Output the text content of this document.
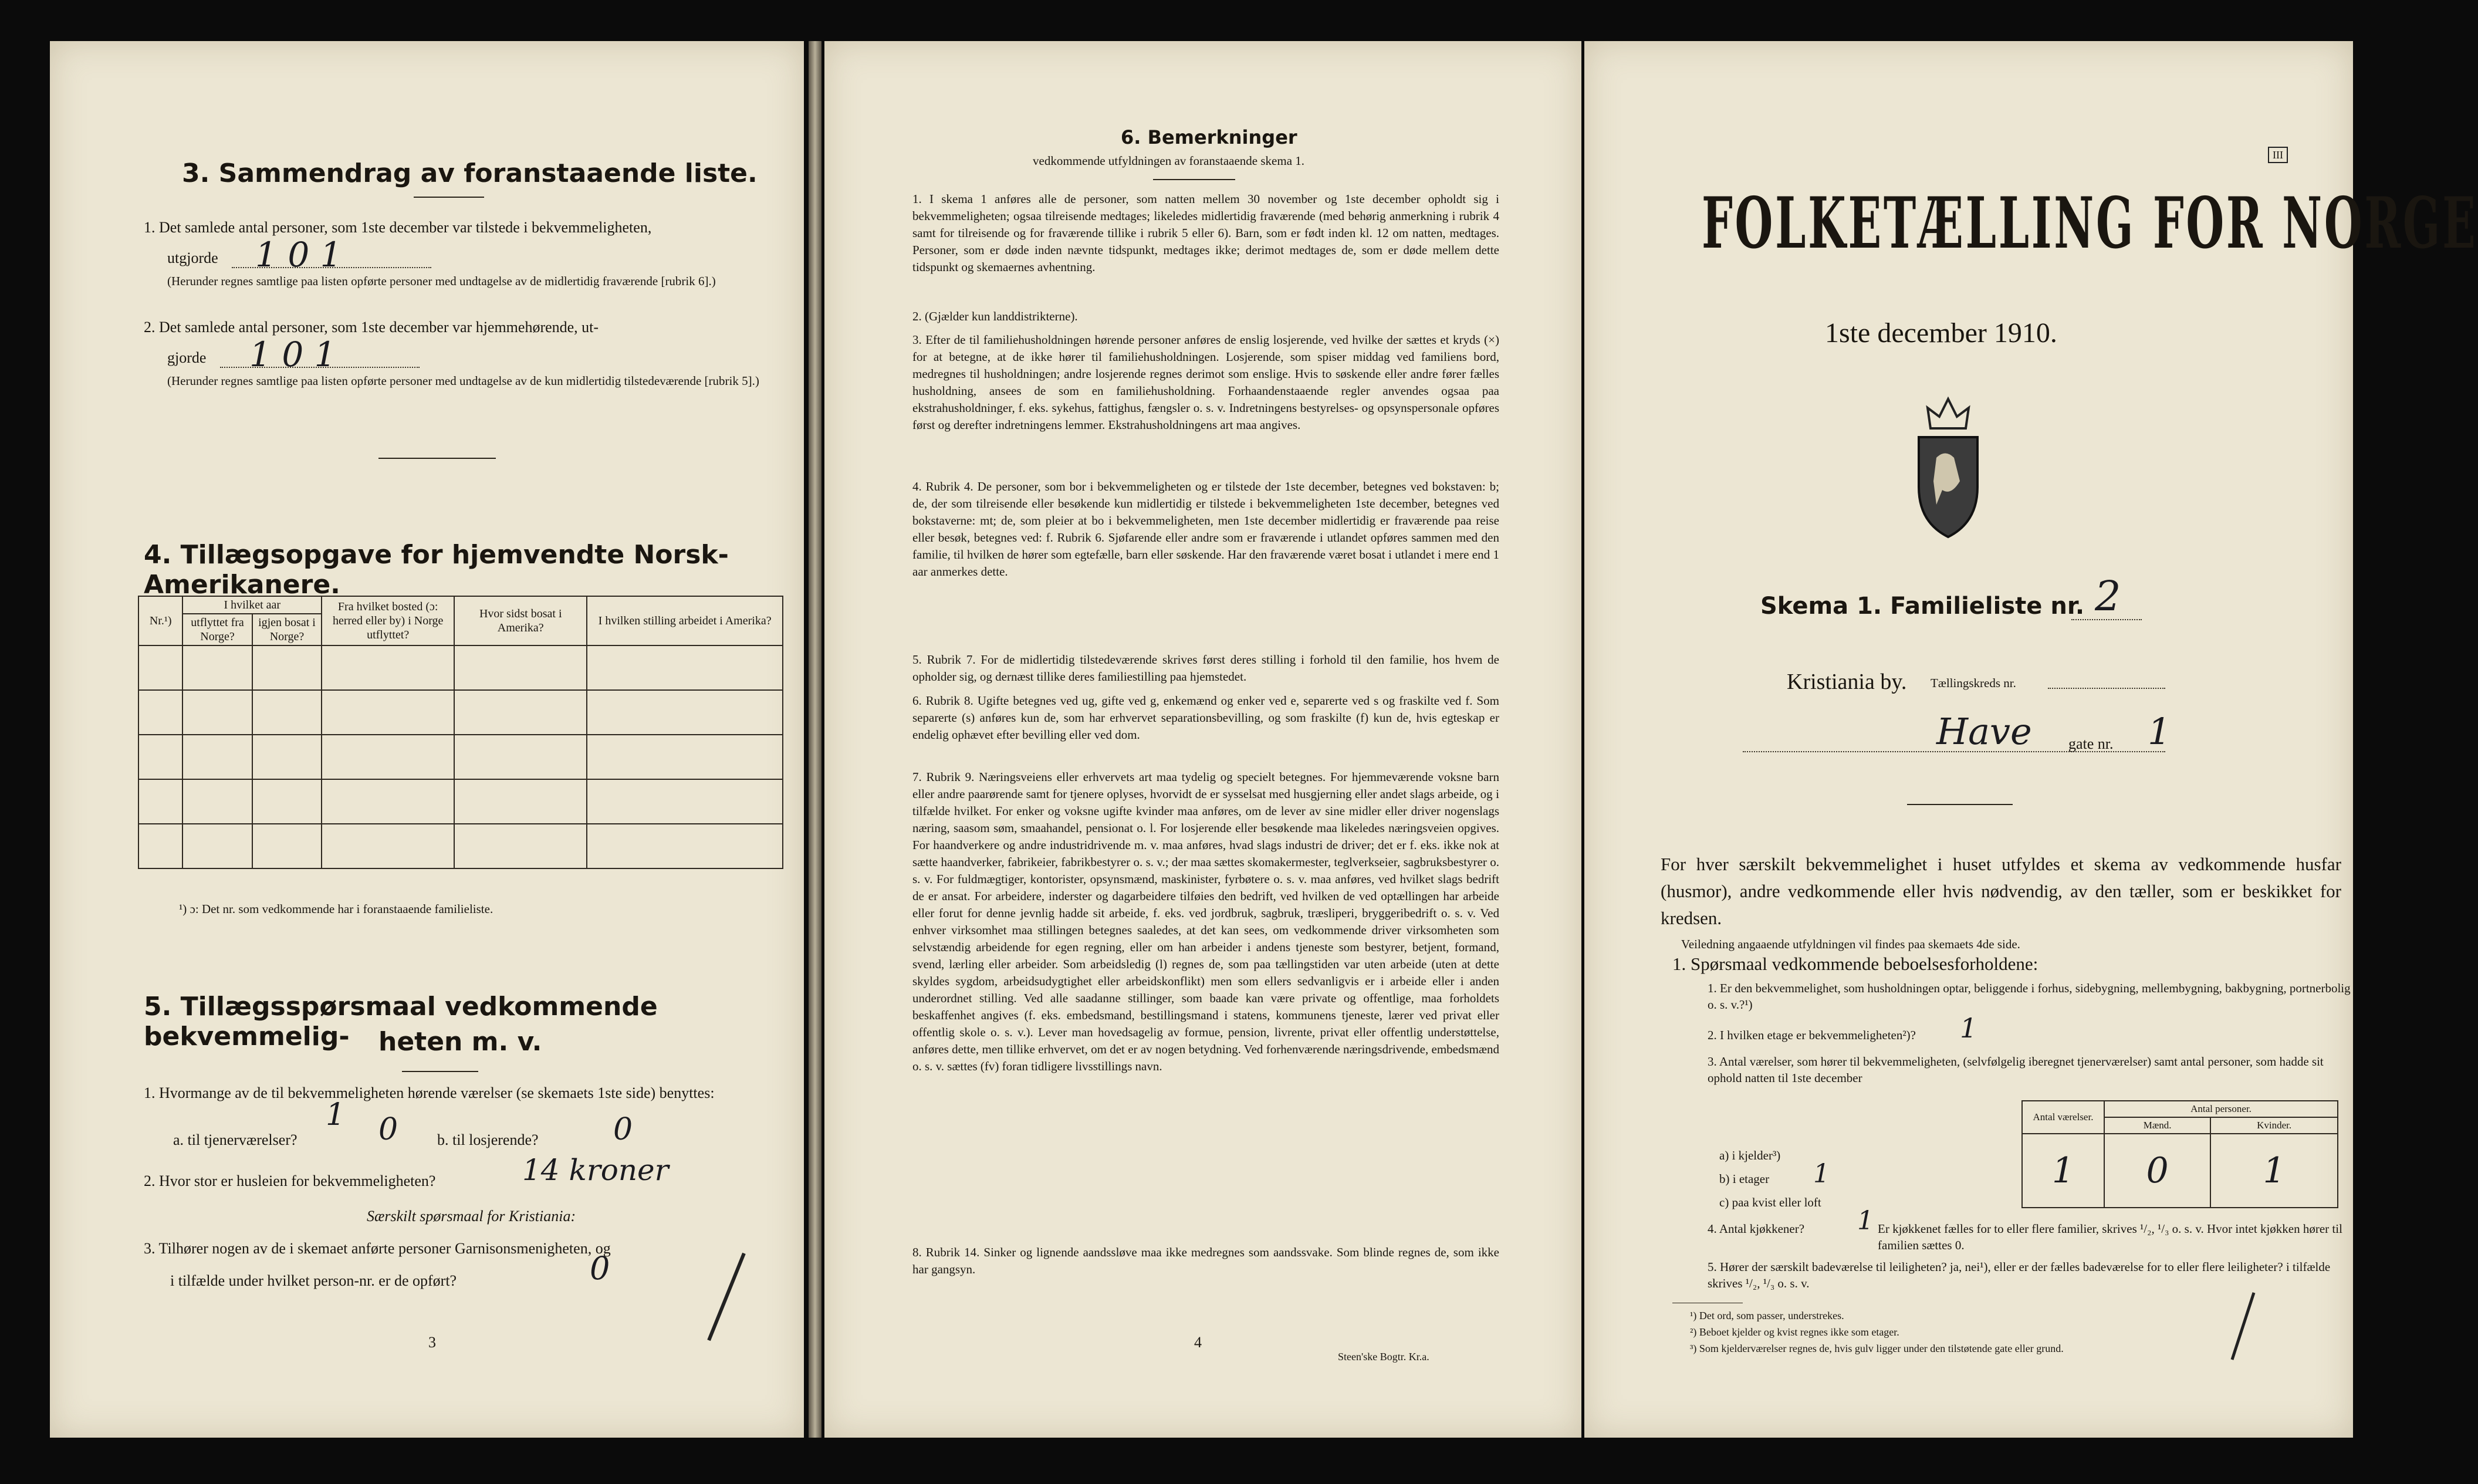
3. Sammendrag av foranstaaende liste.
1. Det samlede antal personer, som 1ste december var tilstede i bekvemmeligheten,
utgjorde 1 0 1
(Herunder regnes samtlige paa listen opførte personer med undtagelse av de midlertidig fraværende [rubrik 6].)
2. Det samlede antal personer, som 1ste december var hjemmehørende, ut-
gjorde 1 0 1
(Herunder regnes samtlige paa listen opførte personer med undtagelse av de kun midlertidig tilstedeværende [rubrik 5].)
4. Tillægsopgave for hjemvendte Norsk-Amerikanere.
Nr.¹)	I hvilket aar		Fra hvilket bosted (ɔ: herred eller by) i Norge utflyttet?	Hvor sidst bosat i Amerika?	I hvilken stilling arbeidet i Amerika?
	utflyttet fra Norge?	igjen bosat i Norge?			

¹) ɔ: Det nr. som vedkommende har i foranstaaende familieliste.
5. Tillægsspørsmaal vedkommende bekvemmelig-	heten m. v.
1. Hvormange av de til bekvemmeligheten hørende værelser (se skemaets 1ste side) benyttes:
1
a. til tjenerværelser?	0	b. til losjerende? 0
2. Hvor stor er husleien for bekvemmeligheten?	14 kroner
Særskilt spørsmaal for Kristiania:
3. Tilhører nogen av de i skemaet anførte personer Garnisonsmenigheten, og
i tilfælde under hvilket person-nr. er de opført?	0
3
6. Bemerkninger
vedkommende utfyldningen av foranstaaende skema 1.
1. I skema 1 anføres alle de personer, som natten mellem 30 november og 1ste december opholdt sig i bekvemmeligheten; ogsaa tilreisende medtages; likeledes midlertidig fraværende (med behørig anmerkning i rubrik 4 samt for tilreisende og for fraværende tillike i rubrik 5 eller 6). Barn, som er født inden kl. 12 om natten, medtages. Personer, som er døde inden nævnte tidspunkt, medtages ikke; derimot medtages de, som er døde mellem dette tidspunkt og skemaernes avhentning.
2. (Gjælder kun landdistrikterne).
3. Efter de til familiehusholdningen hørende personer anføres de enslig losjerende, ved hvilke der sættes et kryds (×) for at betegne, at de ikke hører til familiehusholdningen. Losjerende, som spiser middag ved familiens bord, medregnes til husholdningen; andre losjerende regnes derimot som enslige. Hvis to søskende eller andre fører fælles husholdning, ansees de som en familiehusholdning. Forhaandenstaaende regler anvendes ogsaa paa ekstrahusholdninger, f. eks. sykehus, fattighus, fængsler o. s. v. Indretningens bestyrelses- og opsynspersonale opføres først og derefter indretningens lemmer. Ekstrahusholdningens art maa angives.
4. Rubrik 4. De personer, som bor i bekvemmeligheten og er tilstede der 1ste december, betegnes ved bokstaven: b; de, der som tilreisende eller besøkende kun midlertidig er tilstede i bekvemmeligheten 1ste december, betegnes ved bokstaverne: mt; de, som pleier at bo i bekvemmeligheten, men 1ste december midlertidig er fraværende paa reise eller besøk, betegnes ved: f. Rubrik 6. Sjøfarende eller andre som er fraværende i utlandet opføres sammen med den familie, til hvilken de hører som egtefælle, barn eller søskende. Har den fraværende været bosat i utlandet i mere end 1 aar anmerkes dette.
5. Rubrik 7. For de midlertidig tilstedeværende skrives først deres stilling i forhold til den familie, hos hvem de opholder sig, og dernæst tillike deres familiestilling paa hjemstedet.
6. Rubrik 8. Ugifte betegnes ved ug, gifte ved g, enkemænd og enker ved e, separerte ved s og fraskilte ved f. Som separerte (s) anføres kun de, som har erhvervet separationsbevilling, og som fraskilte (f) kun de, hvis egteskap er endelig ophævet efter bevilling eller ved dom.
7. Rubrik 9. Næringsveiens eller erhvervets art maa tydelig og specielt betegnes. For hjemmeværende voksne barn eller andre paarørende samt for tjenere oplyses, hvorvidt de er sysselsat med husgjerning eller andet slags arbeide, og i tilfælde hvilket. For enker og voksne ugifte kvinder maa anføres, om de lever av sine midler eller driver nogenslags næring, saasom søm, smaahandel, pensionat o. l. For losjerende eller besøkende maa likeledes næringsveien opgives. For haandverkere og andre industridrivende m. v. maa anføres, hvad slags industri de driver; det er f. eks. ikke nok at sætte haandverker, fabrikeier, fabrikbestyrer o. s. v.; der maa sættes skomakermester, teglverkseier, sagbruksbestyrer o. s. v. For fuldmægtiger, kontorister, opsynsmænd, maskinister, fyrbøtere o. s. v. maa anføres, ved hvilket slags bedrift de er ansat. For arbeidere, inderster og dagarbeidere tilføies den bedrift, ved hvilken de ved optællingen har arbeide eller forut for denne jevnlig hadde sit arbeide, f. eks. ved jordbruk, sagbruk, træsliperi, bryggeribedrift o. s. v. Ved enhver virksomhet maa stillingen betegnes saaledes, at det kan sees, om vedkommende driver virksomheten som selvstændig arbeidende for egen regning, eller om han arbeider i andens tjeneste som bestyrer, betjent, formand, svend, lærling eller arbeider. Som arbeidsledig (l) regnes de, som paa tællingstiden var uten arbeide (uten at dette skyldes sygdom, arbeidsudygtighet eller arbeidskonflikt) men som ellers sedvanligvis er i arbeide eller i anden underordnet stilling. Ved alle saadanne stillinger, som baade kan være private og offentlige, maa forholdets beskaffenhet angives (f. eks. embedsmand, bestillingsmand i statens, kommunens tjeneste, lærer ved privat eller offentlig skole o. s. v.). Lever man hovedsagelig av formue, pension, livrente, privat eller offentlig understøttelse, anføres dette, men tillike erhvervet, om det er av nogen betydning. Ved forhenværende næringsdrivende, embedsmænd o. s. v. sættes (fv) foran tidligere livsstillings navn.
8. Rubrik 14. Sinker og lignende aandssløve maa ikke medregnes som aandssvake. Som blinde regnes de, som ikke har gangsyn.
4
Steen'ske Bogtr. Kr.a.
III
FOLKETÆLLING FOR NORGE
1ste december 1910.
Skema 1. Familieliste nr. 2
Kristiania by. Tællingskreds nr.
Have gate nr. 1
For hver særskilt bekvemmelighet i huset utfyldes et skema av vedkommende husfar (husmor), andre vedkommende eller hvis nødvendig, av den tæller, som er beskikket for kredsen.
Veiledning angaaende utfyldningen vil findes paa skemaets 4de side.
1. Spørsmaal vedkommende beboelsesforholdene:
1. Er den bekvemmelighet, som husholdningen optar, beliggende i forhus, sidebygning, mellembygning, bakbygning, portnerbolig o. s. v.?¹)
2. I hvilken etage er bekvemmeligheten²)? 1
3. Antal værelser, som hører til bekvemmeligheten, (selvfølgelig iberegnet tjenerværelser) samt antal personer, som hadde sit ophold natten til 1ste december
Antal værelser.	Antal personer.	
	Mænd.	Kvinder.
1	0	1
a) i kjelder³)
b) i etager 1
c) paa kvist eller loft
4. Antal kjøkkener? 1 Er kjøkkenet fælles for to eller flere familier, skrives ¹/₂, ¹/₃ o. s. v. Hvor intet kjøkken hører til familien sættes 0.
5. Hører der særskilt badeværelse til leiligheten? ja, nei¹), eller er der fælles badeværelse for to eller flere leiligheter? i tilfælde skrives ¹/₂, ¹/₃ o. s. v.
¹) Det ord, som passer, understrekes.
²) Beboet kjelder og kvist regnes ikke som etager.
³) Som kjelderværelser regnes de, hvis gulv ligger under den tilstøtende gate eller grund.
